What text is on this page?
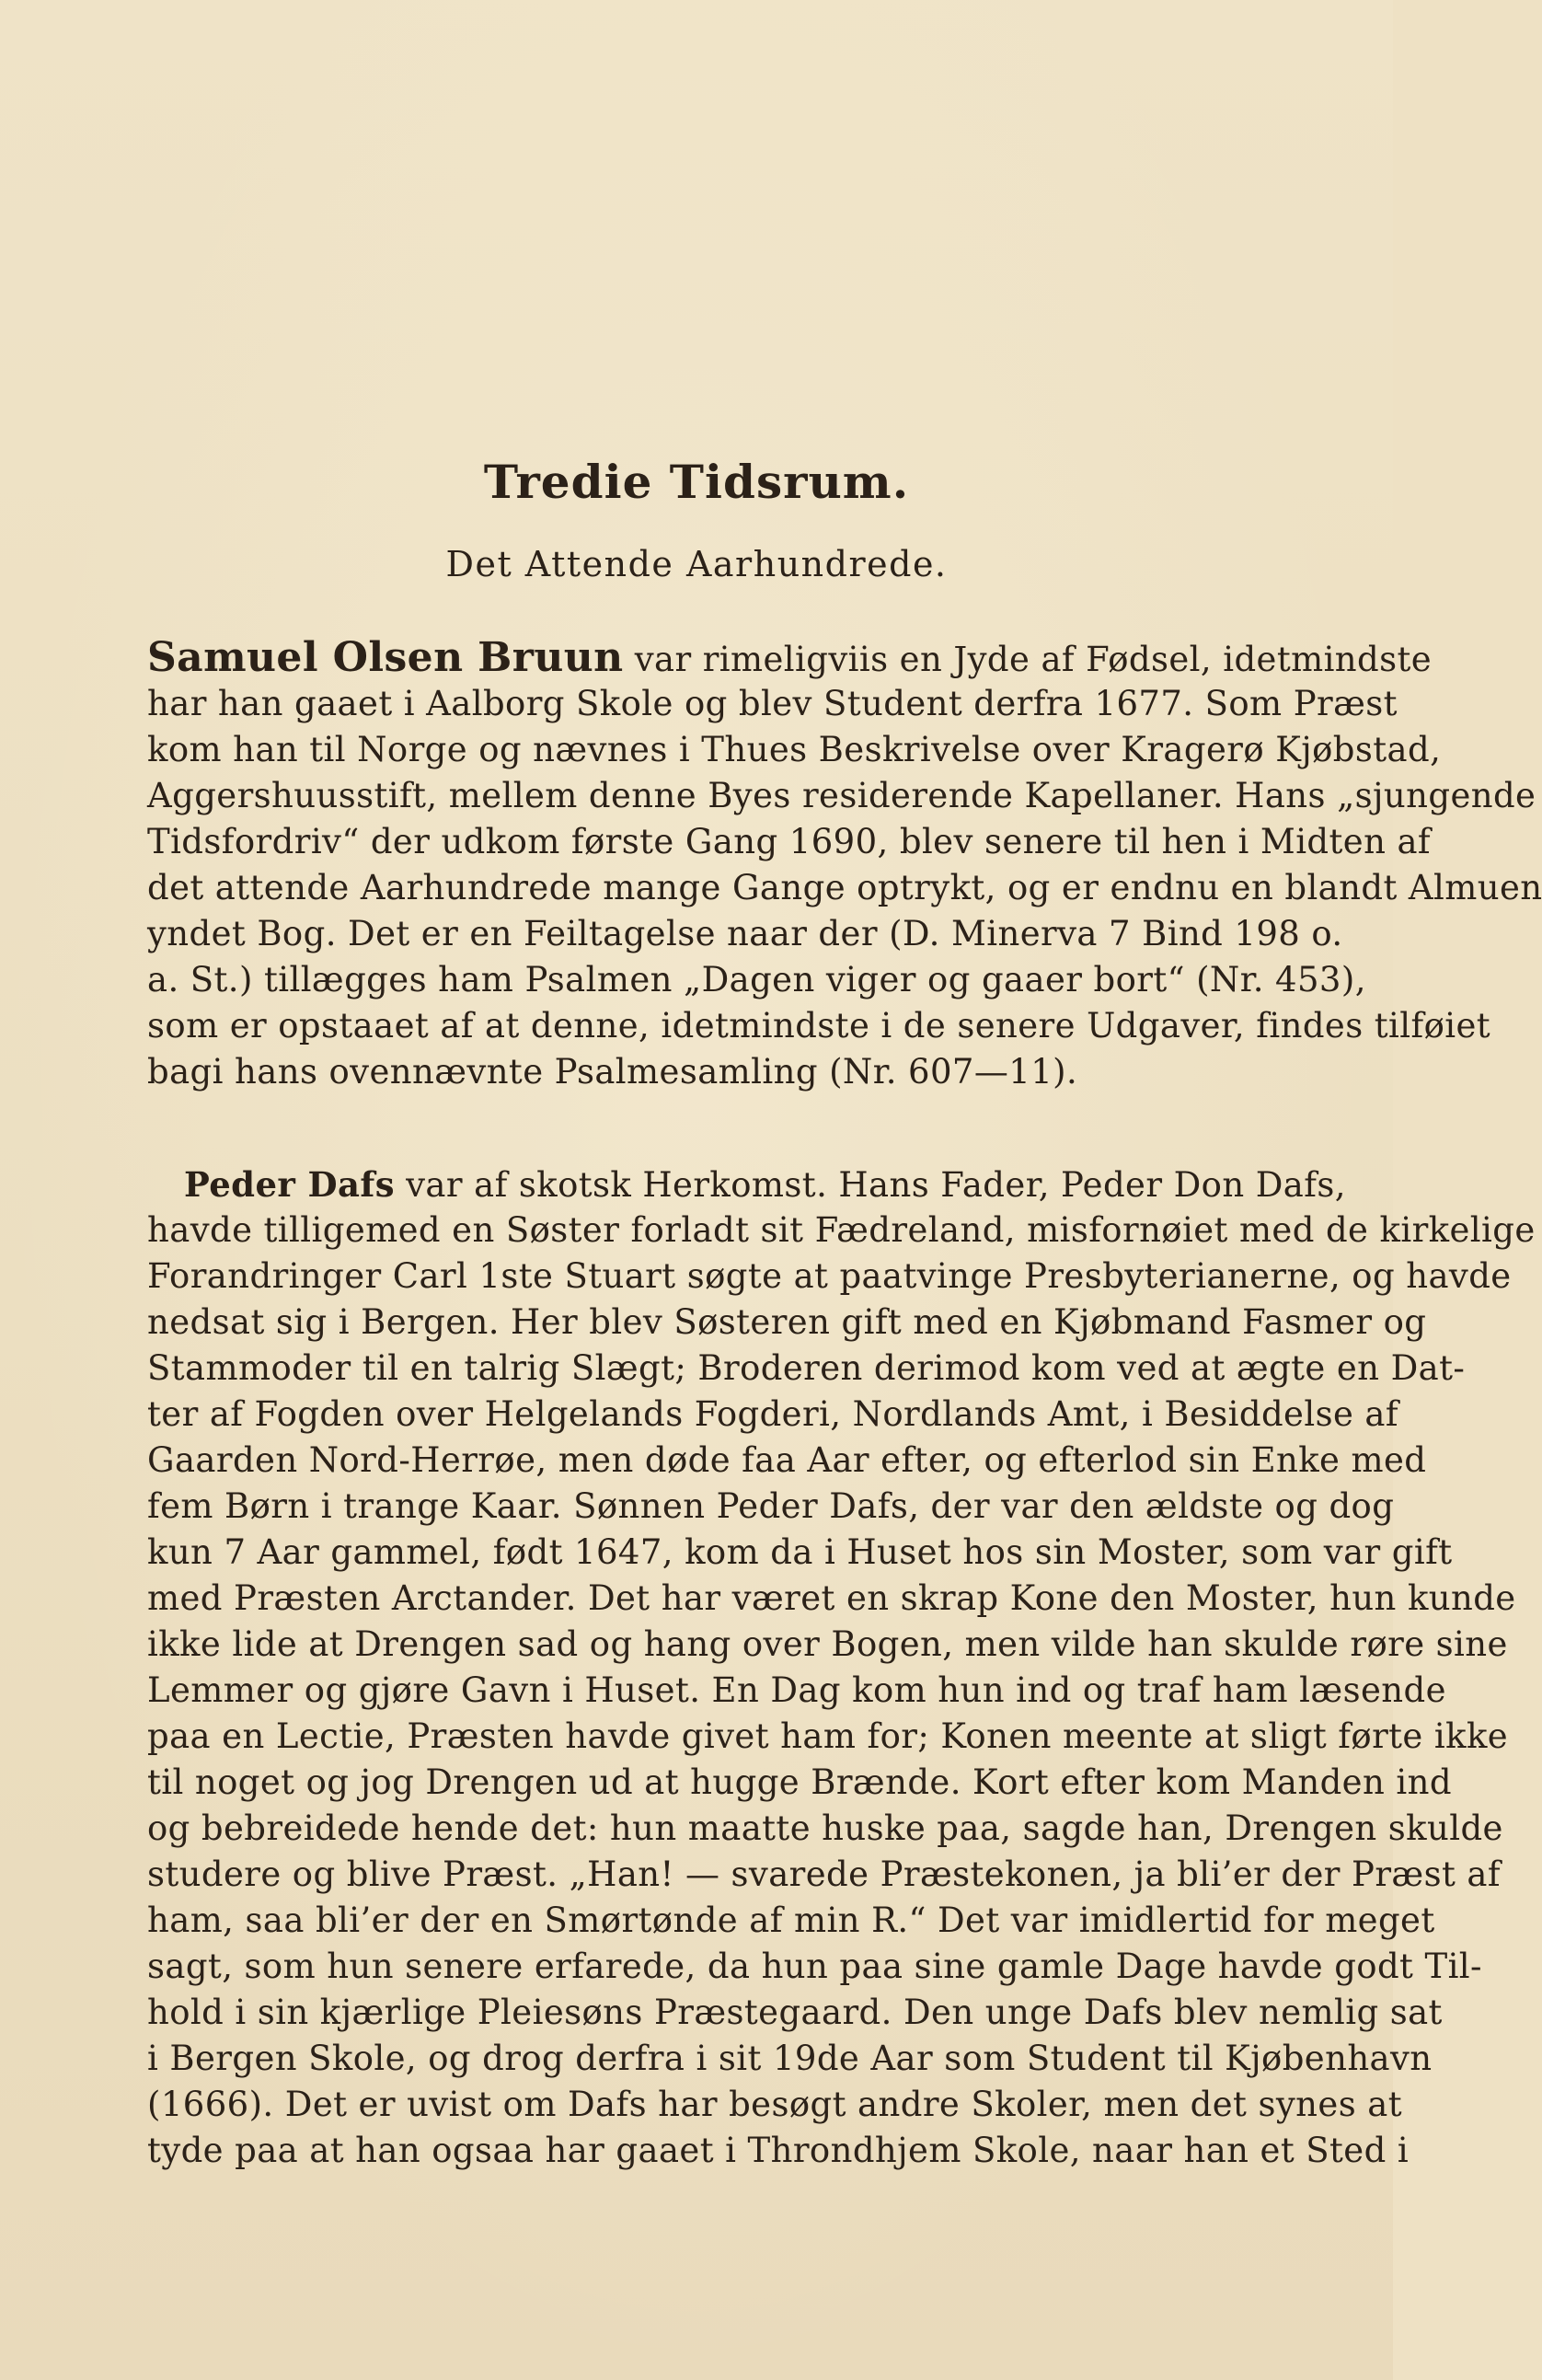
Tredie Tidsrum.
Det Attende Aarhundrede.
Samuel Olsen Bruun var rimeligviis en Jyde af Fødsel, idetmindste
har han gaaet i Aalborg Skole og blev Student derfra 1677. Som Præst
kom han til Norge og nævnes i Thues Beskrivelse over Kragerø Kjøbstad,
Aggershuusstift, mellem denne Byes residerende Kapellaner. Hans „sjungende
Tidsfordriv“ der udkom første Gang 1690, blev senere til hen i Midten af
det attende Aarhundrede mange Gange optrykt, og er endnu en blandt Almuen
yndet Bog. Det er en Feiltagelse naar der (D. Minerva 7 Bind 198 o.
a. St.) tillægges ham Psalmen „Dagen viger og gaaer bort“ (Nr. 453),
som er opstaaet af at denne, idetmindste i de senere Udgaver, findes tilføiet
bagi hans ovennævnte Psalmesamling (Nr. 607—11).
Peder Dafs var af skotsk Herkomst. Hans Fader, Peder Don Dafs,
havde tilligemed en Søster forladt sit Fædreland, misfornøiet med de kirkelige
Forandringer Carl 1ste Stuart søgte at paatvinge Presbyterianerne, og havde
nedsat sig i Bergen. Her blev Søsteren gift med en Kjøbmand Fasmer og
Stammoder til en talrig Slægt; Broderen derimod kom ved at ægte en Dat-
ter af Fogden over Helgelands Fogderi, Nordlands Amt, i Besiddelse af
Gaarden Nord-Herrøe, men døde faa Aar efter, og efterlod sin Enke med
fem Børn i trange Kaar. Sønnen Peder Dafs, der var den ældste og dog
kun 7 Aar gammel, født 1647, kom da i Huset hos sin Moster, som var gift
med Præsten Arctander. Det har været en skrap Kone den Moster, hun kunde
ikke lide at Drengen sad og hang over Bogen, men vilde han skulde røre sine
Lemmer og gjøre Gavn i Huset. En Dag kom hun ind og traf ham læsende
paa en Lectie, Præsten havde givet ham for; Konen meente at sligt førte ikke
til noget og jog Drengen ud at hugge Brænde. Kort efter kom Manden ind
og bebreidede hende det: hun maatte huske paa, sagde han, Drengen skulde
studere og blive Præst. „Han! — svarede Præstekonen, ja bli’er der Præst af
ham, saa bli’er der en Smørtønde af min R.“ Det var imidlertid for meget
sagt, som hun senere erfarede, da hun paa sine gamle Dage havde godt Til-
hold i sin kjærlige Pleiesøns Præstegaard. Den unge Dafs blev nemlig sat
i Bergen Skole, og drog derfra i sit 19de Aar som Student til Kjøbenhavn
(1666). Det er uvist om Dafs har besøgt andre Skoler, men det synes at
tyde paa at han ogsaa har gaaet i Throndhjem Skole, naar han et Sted i
